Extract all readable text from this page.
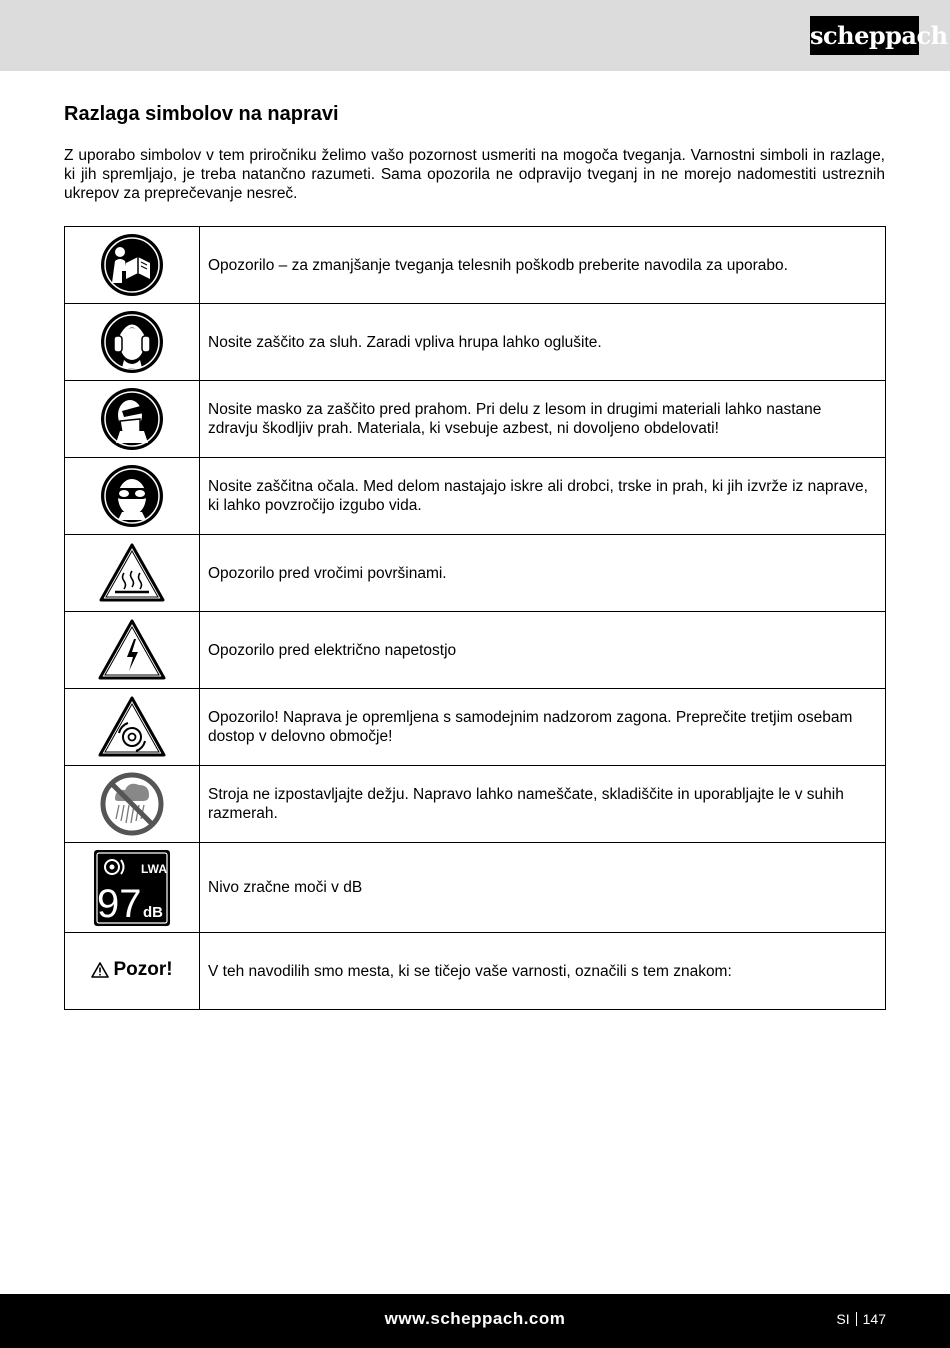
scheppach
Razlaga simbolov na napravi

Z uporabo simbolov v tem priročniku želimo vašo pozornost usmeriti na mogoča tveganja. Varnostni simboli in razlage, ki jih spremljajo, je treba natančno razumeti. Sama opozorila ne odpravijo tveganj in ne morejo nadomestiti ustreznih ukrepov za preprečevanje nesreč.

	Opozorilo – za zmanjšanje tveganja telesnih poškodb preberite navodila za uporabo.

	Nosite zaščito za sluh. Zaradi vpliva hrupa lahko oglušite.

	Nosite masko za zaščito pred prahom. Pri delu z lesom in drugimi materiali lahko nastane zdravju škodljiv prah. Materiala, ki vsebuje azbest, ni dovoljeno obdelovati!

	Nosite zaščitna očala. Med delom nastajajo iskre ali drobci, trske in prah, ki jih izvrže iz naprave, ki lahko povzročijo izgubo vida.

	Opozorilo pred vročimi površinami.

	Opozorilo pred električno napetostjo

	Opozorilo! Naprava je opremljena s samodejnim nadzorom zagona. Preprečite tretjim osebam dostop v delovno območje!

	Stroja ne izpostavljajte dežju. Napravo lahko nameščate, skladiščite in uporabljajte le v suhih razmerah.

LWA
97 dB	Nivo zračne moči v dB

Pozor!	V teh navodilih smo mesta, ki se tičejo vaše varnosti, označili s tem znakom:
www.scheppach.com	SI 147
